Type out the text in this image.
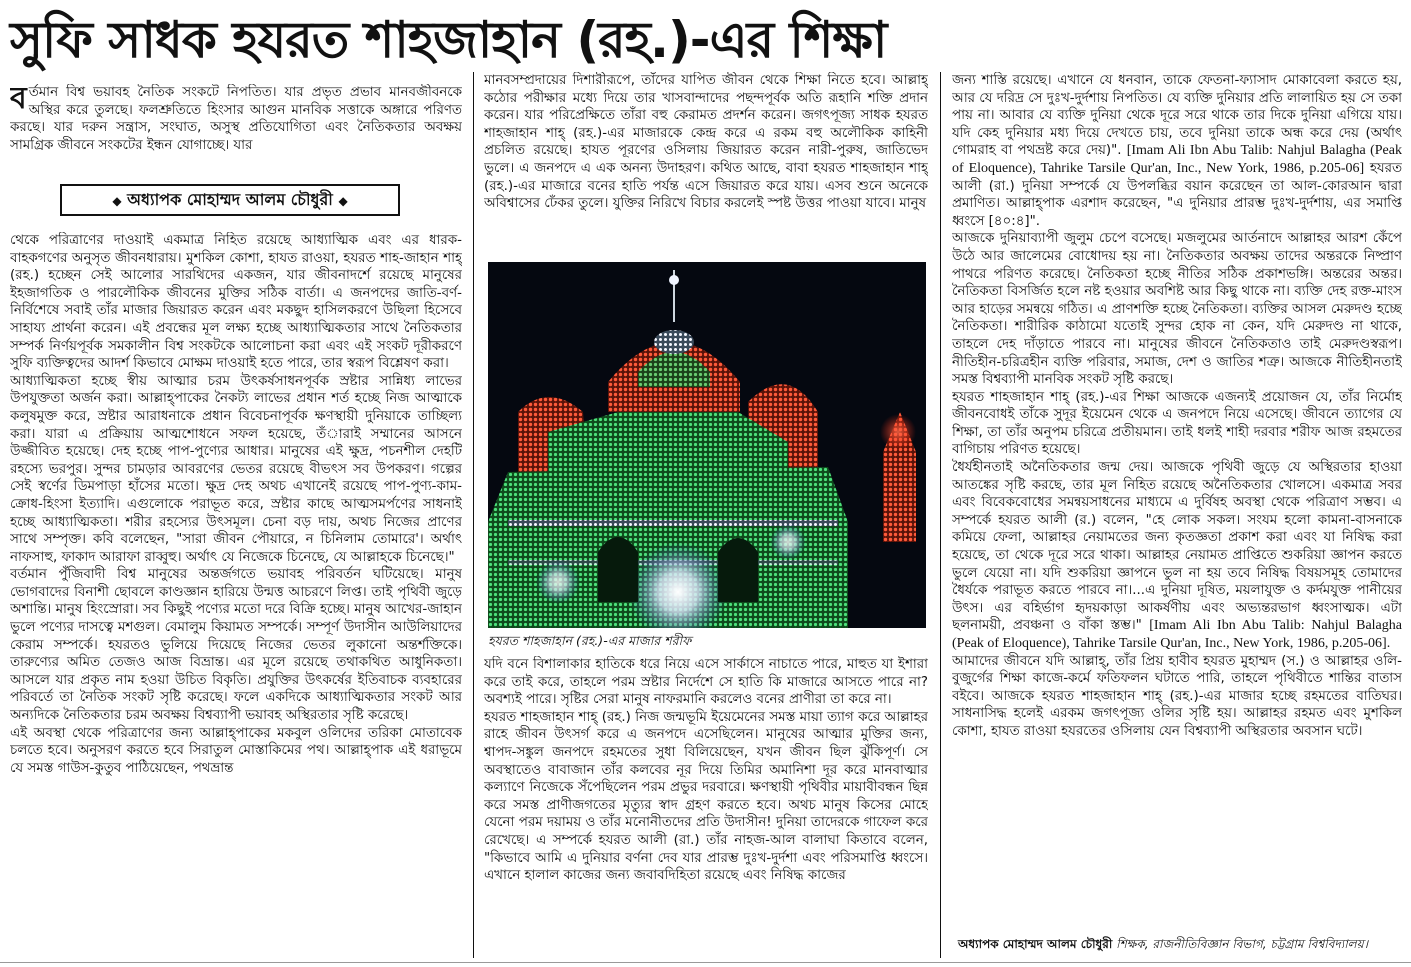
সুফি সাধক হযরত শাহজাহান (রহ.)-এর শিক্ষা

বর্তমান বিশ্ব ভয়াবহ নৈতিক সংকটে নিপতিত। যার প্রভৃত প্রভাব মানবজীবনকে অস্থির করে তুলছে। ফলশ্রুতিতে হিংসার আগুন মানবিক সত্তাকে অঙ্গারে পরিণত করছে। যার দরুন সন্ত্রাস, সংঘাত, অসুস্থ প্রতিযোগিতা এবং নৈতিকতার অবক্ষয় সামগ্রিক জীবনে সংকটের ইন্ধন যোগাচ্ছে। যার

◆ অধ্যাপক মোহাম্মদ আলম চৌধুরী ◆

থেকে পরিত্রাণের দাওয়াই একমাত্র নিহিত রয়েছে আধ্যাত্মিক এবং এর ধারক-বাহকগণের অনুসৃত জীবনধারায়। মুশকিল কোশা, হাযত রাওয়া, হযরত শাহ-জাহান শাহ্ (রহ.) হচ্ছেন সেই আলোর সারথিদের একজন, যার জীবনাদর্শে রয়েছে মানুষের ইহজাগতিক ও পারলৌকিক জীবনের মুক্তির সঠিক বার্তা। এ জনপদের জাতি-বর্ণ-নির্বিশেষে সবাই তাঁর মাজার জিয়ারত করেন এবং মকছুদ হাসিলকরণে উছিলা হিসেবে সাহায্য প্রার্থনা করেন। এই প্রবন্ধের মূল লক্ষ্য হচ্ছে আধ্যাত্মিকতার সাথে নৈতিকতার সম্পর্ক নির্ণয়পূর্বক সমকালীন বিশ্ব সংকটকে আলোচনা করা এবং এই সংকট দূরীকরণে সুফি ব্যক্তিত্বদের আদর্শ কিভাবে মোক্ষম দাওয়াই হতে পারে, তার স্বরূপ বিশ্লেষণ করা।

আধ্যাত্মিকতা হচ্ছে স্বীয় আত্মার চরম উৎকর্ষসাধনপূর্বক স্রষ্টার সান্নিধ্য লাভের উপযুক্ততা অর্জন করা। আল্লাহ্পাকের নৈকট্য লাভের প্রধান শর্ত হচ্ছে নিজ আত্মাকে কলুষমুক্ত করে, স্রষ্টার আরাধনাকে প্রধান বিবেচনাপূর্বক ক্ষণস্থায়ী দুনিয়াকে তাচ্ছিল্য করা। যারা এ প্রক্রিয়ায় আত্মশোধনে সফল হয়েছে, তঁারাই সম্মানের আসনে উজ্জীবিত হয়েছে। দেহ হচ্ছে পাপ-পুণ্যের আধার। মানুষের এই ক্ষুদ্র, পচনশীল দেহটি রহস্যে ভরপুর। সুন্দর চামড়ার আবরণের ভেতর রয়েছে বীভৎস সব উপকরণ। গল্পের সেই স্বর্ণের ডিমপাড়া হাঁসের মতো। ক্ষুদ্র দেহ অথচ এখানেই রয়েছে পাপ-পুণ্য-কাম-ক্রোধ-হিংসা ইত্যাদি। এগুলোকে পরাভূত করে, স্রষ্টার কাছে আত্মসমর্পণের সাধনাই হচ্ছে আধ্যাত্মিকতা। শরীর রহস্যের উৎসমূল। চেনা বড় দায়, অথচ নিজের প্রাণের সাথে সম্পৃক্ত। কবি বলেছেন, "সারা জীবন পৌয়ারে, ন চিনিলাম তোমারে'। অর্থাৎ নাফসাহু, ফাকাদ আরাফা রাব্বুহু। অর্থাৎ যে নিজেকে চিনেছে, যে আল্লাহকে চিনেছে।"

বর্তমান পুঁজিবাদী বিশ্ব মানুষের অন্তর্জগতে ভয়াবহ পরিবর্তন ঘটিয়েছে। মানুষ ভোগবাদের বিনাশী ছোবলে কাণ্ডজ্ঞান হারিয়ে উন্মত্ত আচরণে লিপ্ত। তাই পৃথিবী জুড়ে অশান্তি। মানুষ হিংস্রোরা। সব কিছুই পণ্যের মতো দরে বিক্রি হচ্ছে। মানুষ আখের-জাহান ভুলে পণ্যের দাসত্বে মশগুল। বেমালুম কিয়ামত সম্পর্কে। সম্পূর্ণ উদাসীন আউলিয়াদের কেরাম সম্পর্কে। হযরতও ভুলিয়ে দিয়েছে নিজের ভেতর লুকানো অন্তর্শক্তিকে। তারুণ্যের অমিত তেজও আজ বিভ্রান্ত। এর মূলে রয়েছে তথাকথিত আধুনিকতা। আসলে যার প্রকৃত নাম হওয়া উচিত বিকৃতি। প্রযুক্তির উৎকর্ষের ইতিবাচক ব্যবহারের পরিবর্তে তা নৈতিক সংকট সৃষ্টি করেছে। ফলে একদিকে আধ্যাত্মিকতার সংকট আর অন্যদিকে নৈতিকতার চরম অবক্ষয় বিশ্বব্যাপী ভয়াবহ অস্থিরতার সৃষ্টি করেছে।

এই অবস্থা থেকে পরিত্রাণের জন্য আল্লাহ্পাকের মকবুল ওলিদের তরিকা মোতাবেক চলতে হবে। অনুসরণ করতে হবে সিরাতুল মোস্তাকিমের পথ। আল্লাহ্পাক এই ধরাভূমে যে সমস্ত গাউস-কুতুব পাঠিয়েছেন, পথভ্রান্ত

মানবসম্প্রদায়ের দিশারীরূপে, তাঁদের যাপিত জীবন থেকে শিক্ষা নিতে হবে। আল্লাহ্ কঠোর পরীক্ষার মধ্যে দিয়ে তার খাসবান্দাদের পছন্দপূর্বক অতি রূহানি শক্তি প্রদান করেন। যার পরিপ্রেক্ষিতে তাঁরা বহু কেরামত প্রদর্শন করেন। জগৎপূজ্য সাধক হযরত শাহজাহান শাহ্ (রহ.)-এর মাজারকে কেন্দ্র করে এ রকম বহু অলৌকিক কাহিনী প্রচলিত রয়েছে। হাযত পূরণের ওসিলায় জিয়ারত করেন নারী-পুরুষ, জাতিভেদ ভুলে। এ জনপদে এ এক অনন্য উদাহরণ। কথিত আছে, বাবা হযরত শাহজাহান শাহ্ (রহ.)-এর মাজারে বনের হাতি পর্যন্ত এসে জিয়ারত করে যায়। এসব শুনে অনেকে অবিশ্বাসের ঢেঁকর তুলে। যুক্তির নিরিখে বিচার করলেই স্পষ্ট উত্তর পাওয়া যাবে। মানুষ

হযরত শাহজাহান (রহ.)-এর মাজার শরীফ

যদি বনে বিশালাকার হাতিকে ধরে নিয়ে এসে সার্কাসে নাচাতে পারে, মাহুত যা ইশারা করে তাই করে, তাহলে পরম স্রষ্টার নির্দেশে সে হাতি কি মাজারে আসতে পারে না? অবশ্যই পারে। সৃষ্টির সেরা মানুষ নাফরমানি করলেও বনের প্রাণীরা তা করে না।

হযরত শাহজাহান শাহ্ (রহ.) নিজ জন্মভূমি ইয়েমেনের সমস্ত মায়া ত্যাগ করে আল্লাহর রাহে জীবন উৎসর্গ করে এ জনপদে এসেছিলেন। মানুষের আত্মার মুক্তির জন্য, শ্বাপদ-সঙ্কুল জনপদে রহমতের সুধা বিলিয়েছেন, যখন জীবন ছিল ঝুঁকিপূর্ণ। সে অবস্থাতেও বাবাজান তাঁর কলবের নূর দিয়ে তিমির অমানিশা দূর করে মানবাত্মার কল্যাণে নিজেকে সঁপেছিলেন পরম প্রভুর দরবারে। ক্ষণস্থায়ী পৃথিবীর মায়াবীবন্ধন ছিন্ন করে সমস্ত প্রাণীজগতের মৃত্যুর স্বাদ গ্রহণ করতে হবে। অথচ মানুষ কিসের মোহে যেনো পরম দয়াময় ও তাঁর মনোনীতদের প্রতি উদাসীন! দুনিয়া তাদেরকে গাফেল করে রেখেছে। এ সম্পর্কে হযরত আলী (রা.) তাঁর নাহজ-আল বালাঘা কিতাবে বলেন, "কিভাবে আমি এ দুনিয়ার বর্ণনা দেব যার প্রারম্ভ দুঃখ-দুর্দশা এবং পরিসমাপ্তি ধ্বংসে। এখানে হালাল কাজের জন্য জবাবদিহিতা রয়েছে এবং নিষিদ্ধ কাজের

জন্য শাস্তি রয়েছে। এখানে যে ধনবান, তাকে ফেতনা-ফ্যাসাদ মোকাবেলা করতে হয়, আর যে দরিদ্র সে দুঃখ-দুর্দশায় নিপতিত। যে ব্যক্তি দুনিয়ার প্রতি লালায়িত হয় সে তকা পায় না। আবার যে ব্যক্তি দুনিয়া থেকে দূরে সরে থাকে তার দিকে দুনিয়া এগিয়ে যায়। যদি কেহ দুনিয়ার মধ্য দিয়ে দেখতে চায়, তবে দুনিয়া তাকে অন্ধ করে দেয় (অর্থাৎ গোমরাহ বা পথভ্রষ্ট করে দেয়)". [Imam Ali Ibn Abu Talib: Nahjul Balagha (Peak of Eloquence), Tahrike Tarsile Qur'an, Inc., New York, 1986, p.205-06] হযরত আলী (রা.) দুনিয়া সম্পর্কে যে উপলব্ধির বয়ান করেছেন তা আল-কোরআন দ্বারা প্রমাণিত। আল্লাহ্পাক এরশাদ করেছেন, "এ দুনিয়ার প্রারম্ভ দুঃখ-দুর্দশায়, এর সমাপ্তি ধ্বংসে [৪০:৪]".

আজকে দুনিয়াব্যাপী জুলুম চেপে বসেছে। মজলুমের আর্তনাদে আল্লাহর আরশ কেঁপে উঠে আর জালেমের বোধোদয় হয় না। নৈতিকতার অবক্ষয় তাদের অন্তরকে নিষ্প্রাণ পাথরে পরিণত করেছে। নৈতিকতা হচ্ছে নীতির সঠিক প্রকাশভঙ্গি। অন্তরের অন্তর। নৈতিকতা বিসর্জিত হলে নষ্ট হওয়ার অবশিষ্ট আর কিছু থাকে না। ব্যক্তি দেহ রক্ত-মাংস আর হাড়ের সমন্বয়ে গঠিত। এ প্রাণশক্তি হচ্ছে নৈতিকতা। ব্যক্তির আসল মেরুদণ্ড হচ্ছে নৈতিকতা। শারীরিক কাঠামো যতোই সুন্দর হোক না কেন, যদি মেরুদণ্ড না থাকে, তাহলে দেহ দাঁড়াতে পারবে না। মানুষের জীবনে নৈতিকতাও তাই মেরুদণ্ডস্বরূপ। নীতিহীন-চরিত্রহীন ব্যক্তি পরিবার, সমাজ, দেশ ও জাতির শত্রু। আজকে নীতিহীনতাই সমস্ত বিশ্বব্যাপী মানবিক সংকট সৃষ্টি করছে।

হযরত শাহজাহান শাহ্ (রহ.)-এর শিক্ষা আজকে এজন্যই প্রয়োজন যে, তাঁর নির্মোহ জীবনবোধই তাঁকে সুদূর ইয়েমেন থেকে এ জনপদে নিয়ে এসেছে। জীবনে ত্যাগের যে শিক্ষা, তা তাঁর অনুপম চরিত্রে প্রতীয়মান। তাই ধলই শাহী দরবার শরীফ আজ রহমতের বাগিচায় পরিণত হয়েছে।

ধৈর্যহীনতাই অনৈতিকতার জন্ম দেয়। আজকে পৃথিবী জুড়ে যে অস্থিরতার হাওয়া আতঙ্কের সৃষ্টি করছে, তার মূল নিহিত রয়েছে অনৈতিকতার খোলসে। একমাত্র সবর এবং বিবেকবোধের সমন্বয়সাধনের মাধ্যমে এ দুর্বিষহ অবস্থা থেকে পরিত্রাণ সম্ভব। এ সম্পর্কে হযরত আলী (র.) বলেন, "হে লোক সকল। সংযম হলো কামনা-বাসনাকে কমিয়ে ফেলা, আল্লাহর নেয়ামতের জন্য কৃতজ্ঞতা প্রকাশ করা এবং যা নিষিদ্ধ করা হয়েছে, তা থেকে দূরে সরে থাকা। আল্লাহর নেয়ামত প্রাপ্তিতে শুকরিয়া জ্ঞাপন করতে ভুলে যেয়ো না। যদি শুকরিয়া জ্ঞাপনে ভুল না হয় তবে নিষিদ্ধ বিষয়সমূহ তোমাদের ধৈর্যকে পরাভূত করতে পারবে না।...এ দুনিয়া দূষিত, ময়লাযুক্ত ও কর্দমযুক্ত পানীয়ের উৎস। এর বহির্ভাগ হৃদয়কাড়া আকর্ষণীয় এবং অভ্যন্তরভাগ ধ্বংসাত্মক। এটা ছলনাময়ী, প্রবঞ্চনা ও বাঁকা স্তম্ভ।" [Imam Ali Ibn Abu Talib: Nahjul Balagha (Peak of Eloquence), Tahrike Tarsile Qur'an, Inc., New York, 1986, p.205-06].

আমাদের জীবনে যদি আল্লাহ্, তাঁর প্রিয় হাবীব হযরত মুহাম্মদ (স.) ও আল্লাহর ওলি-বুজুর্গের শিক্ষা কাজে-কর্মে ফতিফলন ঘটাতে পারি, তাহলে পৃথিবীতে শান্তির বাতাস বইবে। আজকে হযরত শাহজাহান শাহ্ (রহ.)-এর মাজার হচ্ছে রহমতের বাতিঘর। সাধনাসিদ্ধ হলেই এরকম জগৎপূজ্য ওলির সৃষ্টি হয়। আল্লাহর রহমত এবং মুশকিল কোশা, হাযত রাওয়া হযরতের ওসিলায় যেন বিশ্বব্যাপী অস্থিরতার অবসান ঘটে।

অধ্যাপক মোহাম্মদ আলম চৌধুরী শিক্ষক, রাজনীতিবিজ্ঞান বিভাগ, চট্টগ্রাম বিশ্ববিদ্যালয়।
